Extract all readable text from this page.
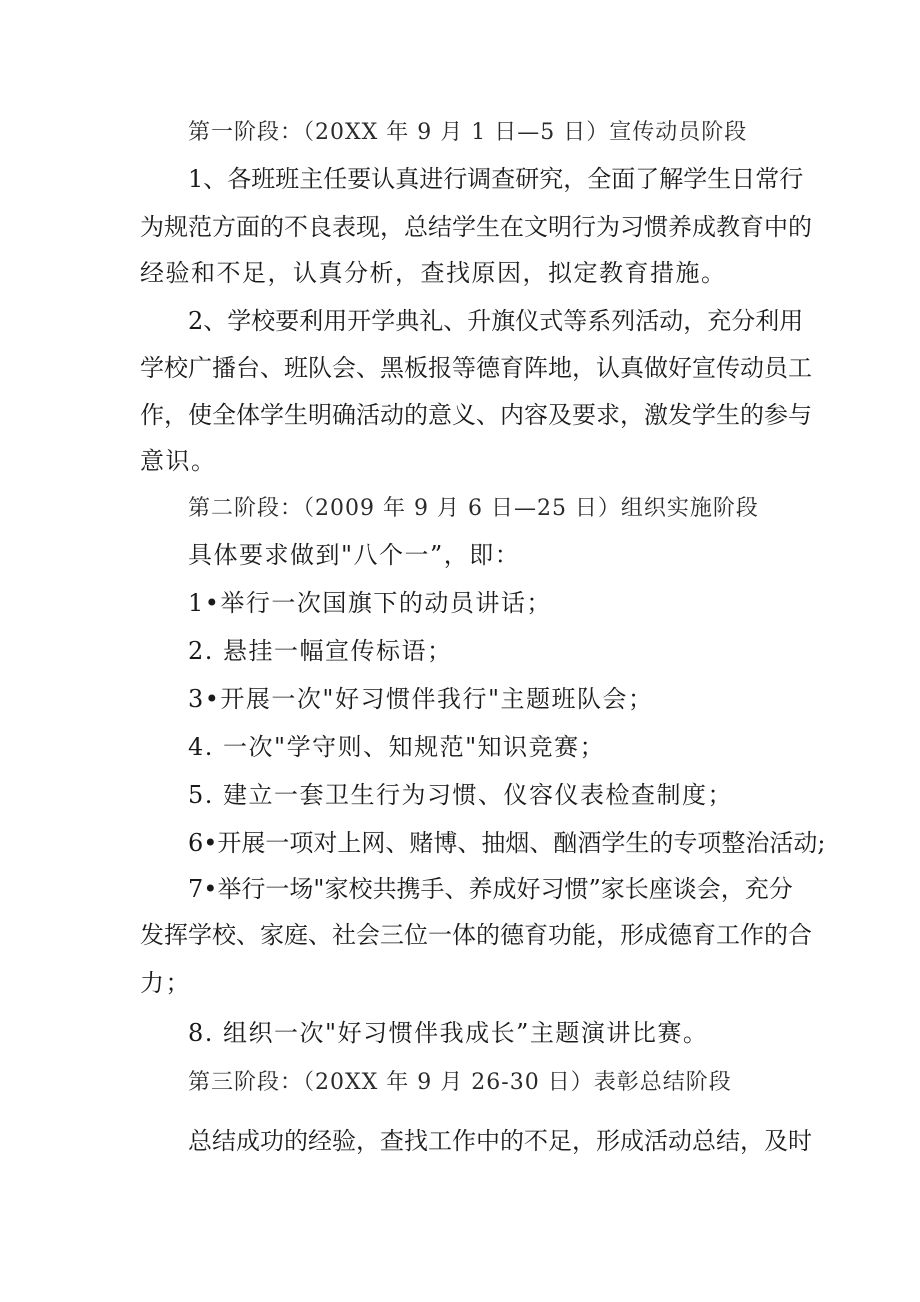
第一阶段：（20XX 年 9 月 1 日—5 日）宣传动员阶段
1、各班班主任要认真进行调查研究，全面了解学生日常行
为规范方面的不良表现，总结学生在文明行为习惯养成教育中的
经验和不足，认真分析，查找原因，拟定教育措施。
2、学校要利用开学典礼、升旗仪式等系列活动，充分利用
学校广播台、班队会、黑板报等德育阵地，认真做好宣传动员工
作，使全体学生明确活动的意义、内容及要求，激发学生的参与
意识。
第二阶段：（2009 年 9 月 6 日—25 日）组织实施阶段
具体要求做到"八个一”，即：
1•举行一次国旗下的动员讲话；
2. 悬挂一幅宣传标语；
3•开展一次"好习惯伴我行"主题班队会；
4. 一次"学守则、知规范"知识竞赛；
5. 建立一套卫生行为习惯、仪容仪表检查制度；
6•开展一项对上网、赌博、抽烟、酗酒学生的专项整治活动;
7•举行一场"家校共携手、养成好习惯”家长座谈会，充分
发挥学校、家庭、社会三位一体的德育功能，形成德育工作的合
力；
8. 组织一次"好习惯伴我成长”主题演讲比赛。
第三阶段：（20XX 年 9 月 26-30 日）表彰总结阶段
总结成功的经验，查找工作中的不足，形成活动总结，及时
